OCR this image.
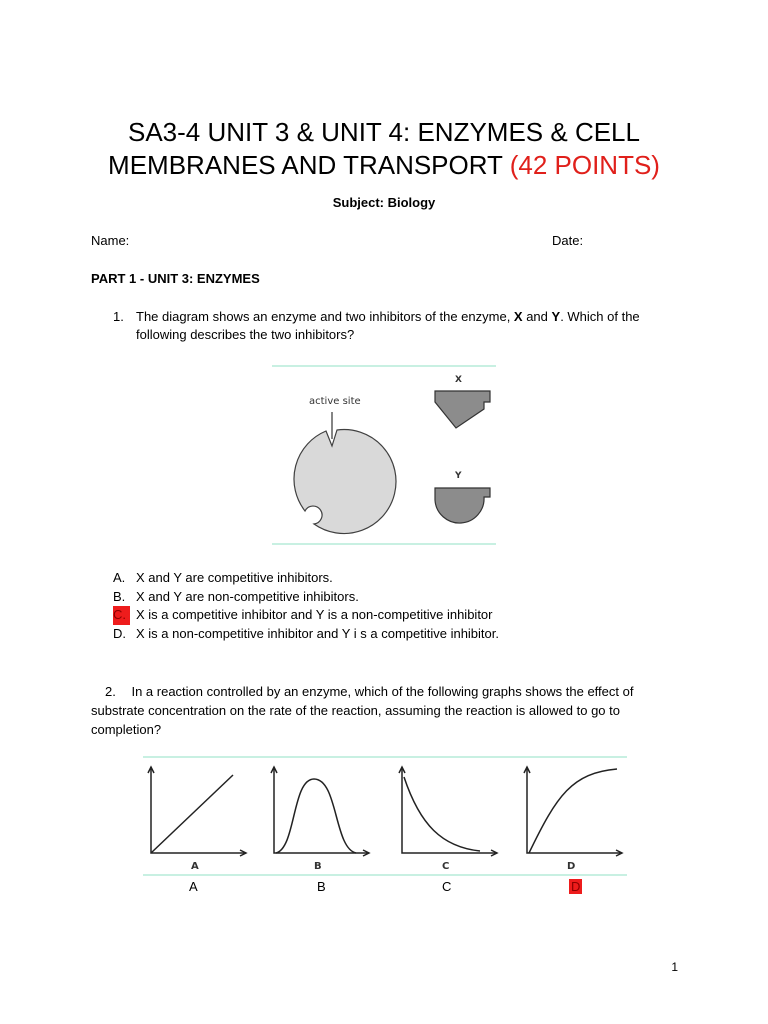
SA3-4 UNIT 3 & UNIT 4: ENZYMES & CELL MEMBRANES AND TRANSPORT (42 POINTS)
Subject: Biology
Name:	Date:
PART 1 - UNIT 3: ENZYMES
1. The diagram shows an enzyme and two inhibitors of the enzyme, X and Y. Which of the following describes the two inhibitors?
active site
X
Y
A. X and Y are competitive inhibitors.
B. X and Y are non-competitive inhibitors.
C. X is a competitive inhibitor and Y is a non-competitive inhibitor
D. X is a non-competitive inhibitor and Y i s a competitive inhibitor.
2. In a reaction controlled by an enzyme, which of the following graphs shows the effect of substrate concentration on the rate of the reaction, assuming the reaction is allowed to go to completion?
A	B	C	D
A	B	C	D
1
